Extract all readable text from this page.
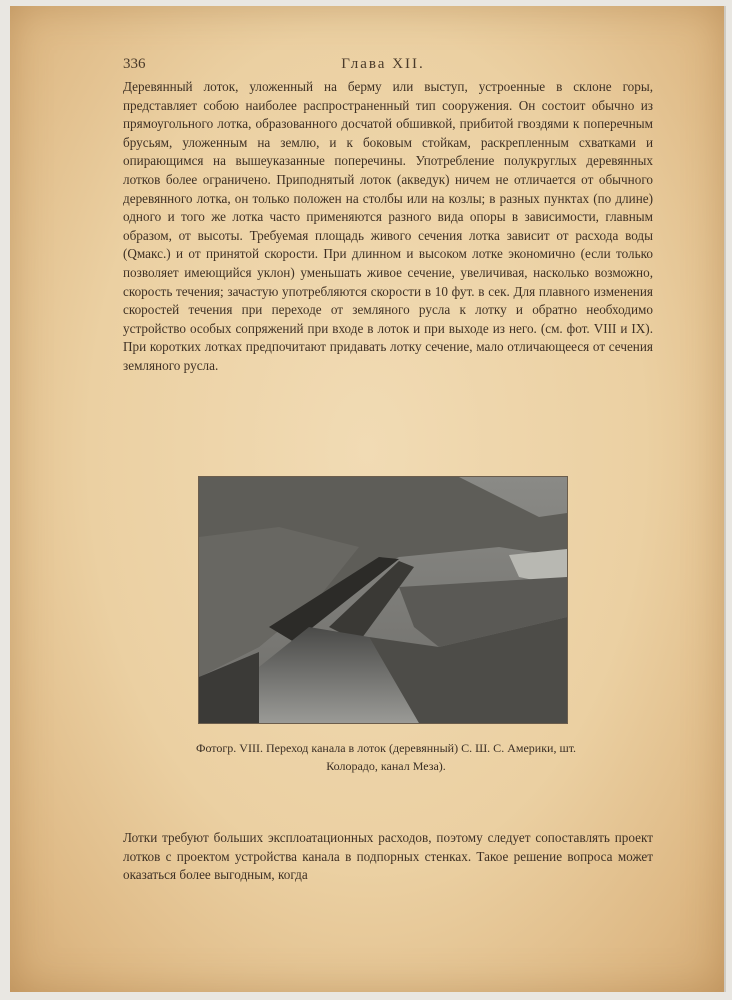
336	Глава XII.

Деревянный лоток, уложенный на берму или выступ, устроенные в склоне горы, представляет собою наиболее распространенный тип сооружения. Он состоит обычно из прямоугольного лотка, образованного досчатой обшивкой, прибитой гвоздями к поперечным брусьям, уложенным на землю, и к боковым стойкам, раскрепленным схватками и опирающимся на вышеуказанные поперечины. Употребление полукруглых деревянных лотков более ограничено. Приподнятый лоток (акведук) ничем не отличается от обычного деревянного лотка, он только положен на столбы или на козлы; в разных пунктах (по длине) одного и того же лотка часто применяются разного вида опоры в зависимости, главным образом, от высоты. Требуемая площадь живого сечения лотка зависит от расхода воды (Qмакс.) и от принятой скорости. При длинном и высоком лотке экономично (если только позволяет имеющийся уклон) уменьшать живое сечение, увеличивая, насколько возможно, скорость течения; зачастую употребляются скорости в 10 фут. в сек. Для плавного изменения скоростей течения при переходе от земляного русла к лотку и обратно необходимо устройство особых сопряжений при входе в лоток и при выходе из него. (см. фот. VIII и IX). При коротких лотках предпочитают придавать лотку сечение, мало отличающееся от сечения земляного русла.

Фотогр. VIII. Переход канала в лоток (деревянный) С. Ш. С. Америки, шт. Колорадо, канал Меза).

Лотки требуют больших эксплоатационных расходов, поэтому следует сопоставлять проект лотков с проектом устройства канала в подпорных стенках. Такое решение вопроса может оказаться более выгодным, когда
